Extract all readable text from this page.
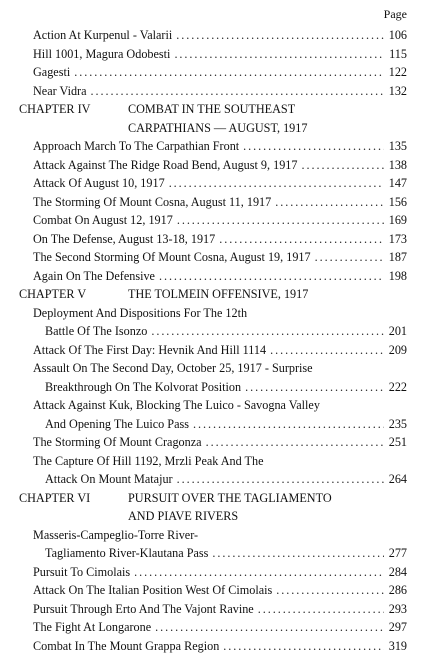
Page
Action At Kurpenul - Valarii . . .	106
Hill 1001, Magura Odobesti . . .	115
Gagesti . . .	122
Near Vidra . . .	132
CHAPTER IV	COMBAT IN THE SOUTHEAST
CARPATHIANS — AUGUST, 1917
Approach March To The Carpathian Front . . .	135
Attack Against The Ridge Road Bend, August 9, 1917 . . .	138
Attack Of August 10, 1917 . . .	147
The Storming Of Mount Cosna, August 11, 1917 . . .	156
Combat On August 12, 1917 . . .	169
On The Defense, August 13-18, 1917 . . .	173
The Second Storming Of Mount Cosna, August 19, 1917 . . .	187
Again On The Defensive . . .	198
CHAPTER V	THE TOLMEIN OFFENSIVE, 1917
Deployment And Dispositions For The 12th
Battle Of The Isonzo . . .	201
Attack Of The First Day: Hevnik And Hill 1114 . . .	209
Assault On The Second Day, October 25, 1917 - Surprise
Breakthrough On The Kolvorat Position . . .	222
Attack Against Kuk, Blocking The Luico - Savogna Valley
And Opening The Luico Pass . . .	235
The Storming Of Mount Cragonza . . .	251
The Capture Of Hill 1192, Mrzli Peak And The
Attack On Mount Matajur . . .	264
CHAPTER VI	PURSUIT OVER THE TAGLIAMENTO
AND PIAVE RIVERS
Masseris-Campeglio-Torre River-
Tagliamento River-Klautana Pass . . .	277
Pursuit To Cimolais . . .	284
Attack On The Italian Position West Of Cimolais . . .	286
Pursuit Through Erto And The Vajont Ravine . . .	293
The Fight At Longarone . . .	297
Combat In The Mount Grappa Region . . .	319
